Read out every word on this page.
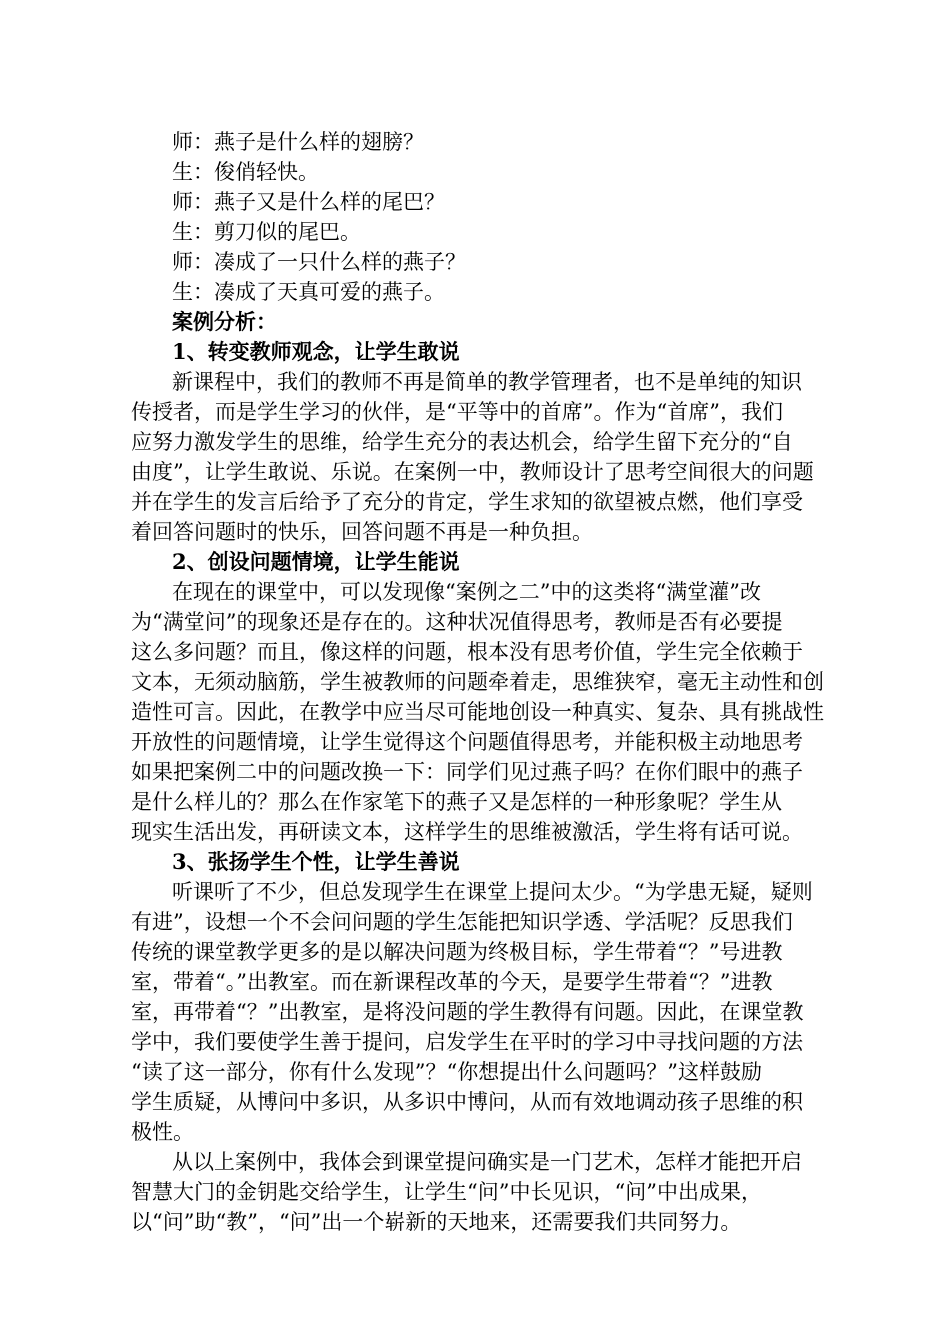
师：燕子是什么样的翅膀？
生：俊俏轻快。
师：燕子又是什么样的尾巴？
生：剪刀似的尾巴。
师：凑成了一只什么样的燕子？
生：凑成了天真可爱的燕子。
案例分析：
1、转变教师观念，让学生敢说
新课程中，我们的教师不再是简单的教学管理者，也不是单纯的知识
传授者，而是学生学习的伙伴，是“平等中的首席”。作为“首席”，我们
应努力激发学生的思维，给学生充分的表达机会，给学生留下充分的“自
由度”，让学生敢说、乐说。在案例一中，教师设计了思考空间很大的问题
并在学生的发言后给予了充分的肯定，学生求知的欲望被点燃，他们享受
着回答问题时的快乐，回答问题不再是一种负担。
2、创设问题情境，让学生能说
在现在的课堂中，可以发现像“案例之二”中的这类将“满堂灌”改
为“满堂问”的现象还是存在的。这种状况值得思考，教师是否有必要提
这么多问题？而且，像这样的问题，根本没有思考价值，学生完全依赖于
文本，无须动脑筋，学生被教师的问题牵着走，思维狭窄，毫无主动性和创
造性可言。因此，在教学中应当尽可能地创设一种真实、复杂、具有挑战性
开放性的问题情境，让学生觉得这个问题值得思考，并能积极主动地思考
如果把案例二中的问题改换一下：同学们见过燕子吗？在你们眼中的燕子
是什么样儿的？那么在作家笔下的燕子又是怎样的一种形象呢？学生从
现实生活出发，再研读文本，这样学生的思维被激活，学生将有话可说。
3、张扬学生个性，让学生善说
听课听了不少，但总发现学生在课堂上提问太少。“为学患无疑，疑则
有进”，设想一个不会问问题的学生怎能把知识学透、学活呢？反思我们
传统的课堂教学更多的是以解决问题为终极目标，学生带着“？”号进教
室，带着“。”出教室。而在新课程改革的今天，是要学生带着“？”进教
室，再带着“？”出教室，是将没问题的学生教得有问题。因此，在课堂教
学中，我们要使学生善于提问，启发学生在平时的学习中寻找问题的方法
“读了这一部分，你有什么发现”？“你想提出什么问题吗？”这样鼓励
学生质疑，从博问中多识，从多识中博问，从而有效地调动孩子思维的积
极性。
从以上案例中，我体会到课堂提问确实是一门艺术，怎样才能把开启
智慧大门的金钥匙交给学生，让学生“问”中长见识，“问”中出成果，
以“问”助“教”，“问”出一个崭新的天地来，还需要我们共同努力。
